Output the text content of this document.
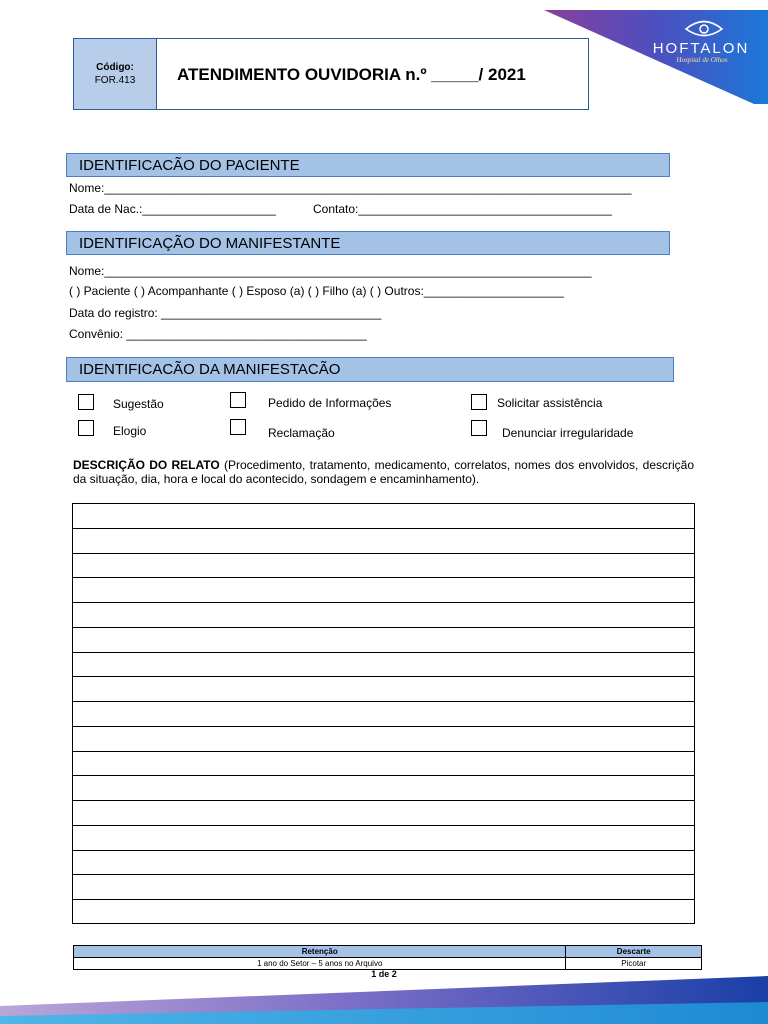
HOFTALON
Hospital de Olhos
Código:
FOR.413	ATENDIMENTO OUVIDORIA n.º _____/ 2021
IDENTIFICACÃO DO PACIENTE
Nome:_______________________________________________________________________________
Data de Nac.:____________________	Contato:______________________________________
IDENTIFICAÇÃO DO MANIFESTANTE
Nome:_________________________________________________________________________
( ) Paciente ( ) Acompanhante ( ) Esposo (a) ( ) Filho (a) ( ) Outros:_____________________
Data do registro: _________________________________
Convênio: ____________________________________
IDENTIFICACÃO DA MANIFESTACÃO
Sugestão	Pedido de Informações	Solicitar assistência
Elogio	Reclamação	Denunciar irregularidade
DESCRIÇÃO DO RELATO (Procedimento, tratamento, medicamento, correlatos, nomes dos envolvidos, descrição da situação, dia, hora e local do acontecido, sondagem e encaminhamento).
Retenção	Descarte
1 ano do Setor – 5 anos no Arquivo	Picotar
1 de 2
